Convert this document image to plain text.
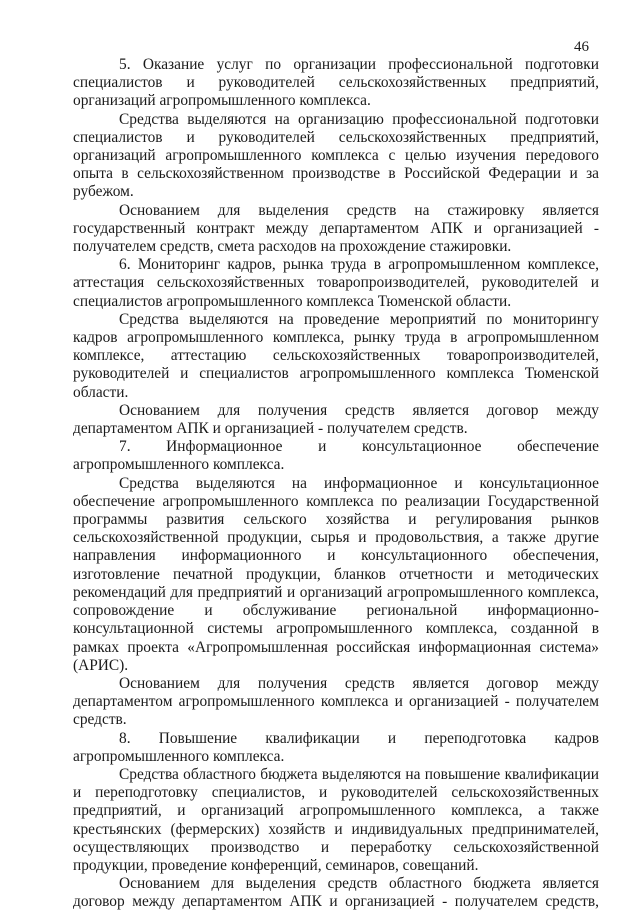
46

5. Оказание услуг по организации профессиональной подготовки специалистов и руководителей сельскохозяйственных предприятий, организаций агропромышленного комплекса.

Средства выделяются на организацию профессиональной подготовки специалистов и руководителей сельскохозяйственных предприятий, организаций агропромышленного комплекса с целью изучения передового опыта в сельскохозяйственном производстве в Российской Федерации и за рубежом.

Основанием для выделения средств на стажировку является государственный контракт между департаментом АПК и организацией - получателем средств, смета расходов на прохождение стажировки.

6. Мониторинг кадров, рынка труда в агропромышленном комплексе, аттестация сельскохозяйственных товаропроизводителей, руководителей и специалистов агропромышленного комплекса Тюменской области.

Средства выделяются на проведение мероприятий по мониторингу кадров агропромышленного комплекса, рынку труда в агропромышленном комплексе, аттестацию сельскохозяйственных товаропроизводителей, руководителей и специалистов агропромышленного комплекса Тюменской области.

Основанием для получения средств является договор между департаментом АПК и организацией - получателем средств.

7. Информационное и консультационное обеспечение агропромышленного комплекса.

Средства выделяются на информационное и консультационное обеспечение агропромышленного комплекса по реализации Государственной программы развития сельского хозяйства и регулирования рынков сельскохозяйственной продукции, сырья и продовольствия, а также другие направления информационного и консультационного обеспечения, изготовление печатной продукции, бланков отчетности и методических рекомендаций для предприятий и организаций агропромышленного комплекса, сопровождение и обслуживание региональной информационно-консультационной системы агропромышленного комплекса, созданной в рамках проекта «Агропромышленная российская информационная система» (АРИС).

Основанием для получения средств является договор между департаментом агропромышленного комплекса и организацией - получателем средств.

8. Повышение квалификации и переподготовка кадров агропромышленного комплекса.

Средства областного бюджета выделяются на повышение квалификации и переподготовку специалистов, и руководителей сельскохозяйственных предприятий, и организаций агропромышленного комплекса, а также крестьянских (фермерских) хозяйств и индивидуальных предпринимателей, осуществляющих производство и переработку сельскохозяйственной продукции, проведение конференций, семинаров, совещаний.

Основанием для выделения средств областного бюджета является договор между департаментом АПК и организацией - получателем средств,
